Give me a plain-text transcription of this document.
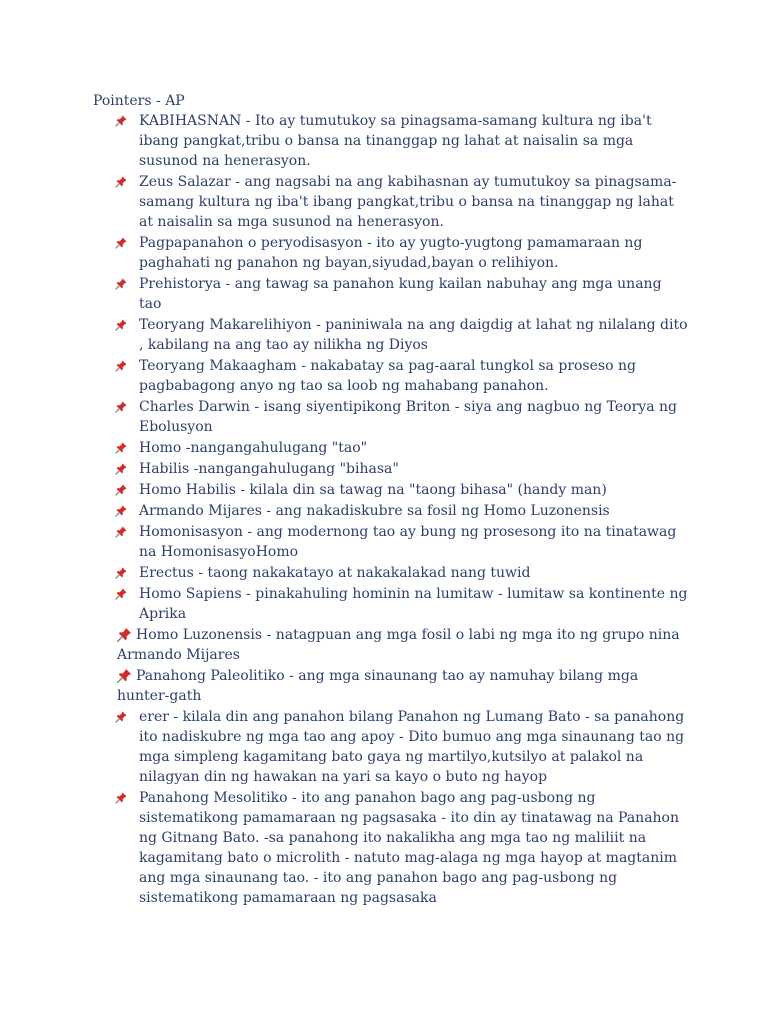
Pointers - AP
KABIHASNAN - Ito ay tumutukoy sa pinagsama-samang kultura ng iba't ibang pangkat,tribu o bansa na tinanggap ng lahat at naisalin sa mga susunod na henerasyon.
Zeus Salazar - ang nagsabi na ang kabihasnan ay tumutukoy sa pinagsama-samang kultura ng iba't ibang pangkat,tribu o bansa na tinanggap ng lahat at naisalin sa mga susunod na henerasyon.
Pagpapanahon o peryodisasyon - ito ay yugto-yugtong pamamaraan ng paghahati ng panahon ng bayan,siyudad,bayan o relihiyon.
Prehistorya - ang tawag sa panahon kung kailan nabuhay ang mga unang tao
Teoryang Makarelihiyon - paniniwala na ang daigdig at lahat ng nilalang dito , kabilang na ang tao ay nilikha ng Diyos
Teoryang Makaagham - nakabatay sa pag-aaral tungkol sa proseso ng pagbabagong anyo ng tao sa loob ng mahabang panahon.
Charles Darwin - isang siyentipikong Briton - siya ang nagbuo ng Teorya ng Ebolusyon
Homo -nangangahulugang "tao"
Habilis -nangangahulugang "bihasa"
Homo Habilis - kilala din sa tawag na "taong bihasa" (handy man)
Armando Mijares - ang nakadiskubre sa fosil ng Homo Luzonensis
Homonisasyon - ang modernong tao ay bung ng prosesong ito na tinatawag na HomonisasyoHomo
Erectus - taong nakakatayo at nakakalakad nang tuwid
Homo Sapiens - pinakahuling hominin na lumitaw - lumitaw sa kontinente ng Aprika
Homo Luzonensis - natagpuan ang mga fosil o labi ng mga ito ng grupo nina Armando Mijares
Panahong Paleolitiko - ang mga sinaunang tao ay namuhay bilang mga hunter-gath
erer - kilala din ang panahon bilang Panahon ng Lumang Bato - sa panahong ito nadiskubre ng mga tao ang apoy - Dito bumuo ang mga sinaunang tao ng mga simpleng kagamitang bato gaya ng martilyo,kutsilyo at palakol na nilagyan din ng hawakan na yari sa kayo o buto ng hayop
Panahong Mesolitiko - ito ang panahon bago ang pag-usbong ng sistematikong pamamaraan ng pagsasaka - ito din ay tinatawag na Panahon ng Gitnang Bato. -sa panahong ito nakalikha ang mga tao ng maliliit na kagamitang bato o microlith - natuto mag-alaga ng mga hayop at magtanim ang mga sinaunang tao. - ito ang panahon bago ang pag-usbong ng sistematikong pamamaraan ng pagsasaka
